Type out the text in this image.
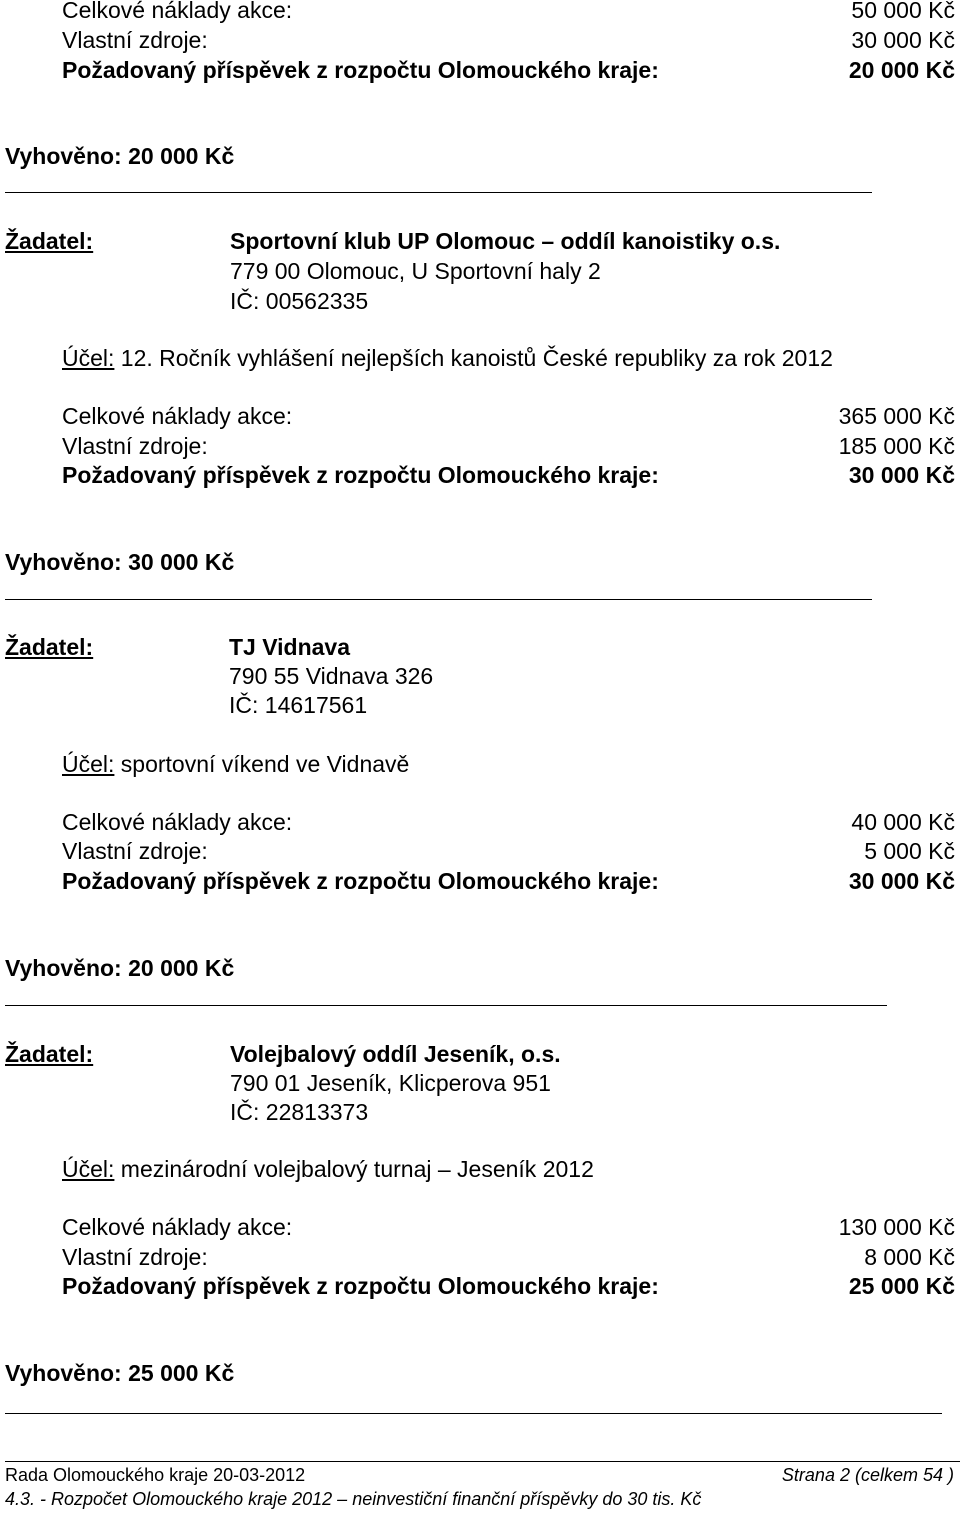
Celkové náklady akce:	50 000 Kč
Vlastní zdroje:	30 000 Kč
Požadovaný příspěvek z rozpočtu Olomouckého kraje:	20 000 Kč
Vyhověno: 20 000 Kč
Žadatel:	Sportovní klub UP Olomouc – oddíl kanoistiky o.s.
779 00 Olomouc, U Sportovní haly 2
IČ: 00562335
Účel: 12. Ročník vyhlášení nejlepších kanoistů České republiky za rok 2012
Celkové náklady akce:	365 000 Kč
Vlastní zdroje:	185 000 Kč
Požadovaný příspěvek z rozpočtu Olomouckého kraje:	30 000 Kč
Vyhověno: 30 000 Kč
Žadatel:	TJ Vidnava
790 55 Vidnava 326
IČ: 14617561
Účel: sportovní víkend ve Vidnavě
Celkové náklady akce:	40 000 Kč
Vlastní zdroje:	5 000 Kč
Požadovaný příspěvek z rozpočtu Olomouckého kraje:	30 000 Kč
Vyhověno: 20 000 Kč
Žadatel:	Volejbalový oddíl Jeseník, o.s.
790 01 Jeseník, Klicperova 951
IČ: 22813373
Účel: mezinárodní volejbalový turnaj – Jeseník 2012
Celkové náklady akce:	130 000 Kč
Vlastní zdroje:	8 000 Kč
Požadovaný příspěvek z rozpočtu Olomouckého kraje:	25 000 Kč
Vyhověno: 25 000 Kč
Rada Olomouckého kraje 20-03-2012	Strana 2 (celkem 54 )
4.3. - Rozpočet Olomouckého kraje 2012 – neinvestiční finanční příspěvky do 30 tis. Kč
